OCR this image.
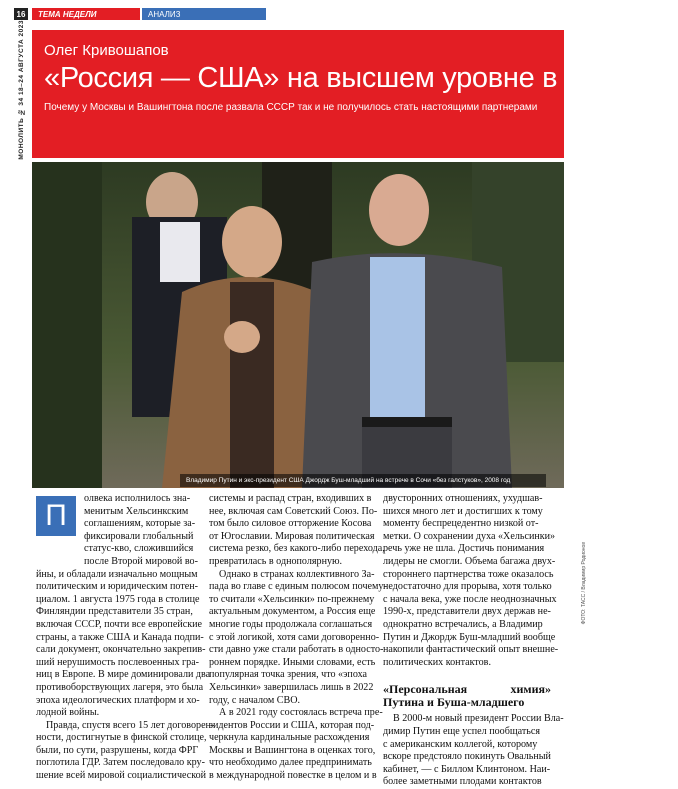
16	ТЕМА НЕДЕЛИ	АНАЛИЗ
МОНОЛИТЬ № 34 18–24 АВГУСТА 2023 Олег Кривошапов
«Россия — США» на высшем уровне в XXI веке
Почему у Москвы и Вашингтона после развала СССР так и не получилось стать настоящими партнерами
ФОТО: ТАСС / Владимир Родионов
Владимир Путин и экс-президент США Джордж Буш-младший на встрече в Сочи «без галстуков», 2008 год
П
олвека исполнилось зна-
менитым Хельсинкским
соглашениям, которые за-
фиксировали глобальный
статус-кво, сложившийся
после Второй мировой во-
йны, и обладали изначально мощным
политическим и юридическим потен-
циалом. 1 августа 1975 года в столице
Финляндии представители 35 стран,
включая СССР, почти все европейские
страны, а также США и Канада подпи-
сали документ, окончательно закрепив-
ший нерушимость послевоенных гра-
ниц в Европе. В мире доминировали два
противоборствующих лагеря, это была
эпоха идеологических платформ и хо-
лодной войны.
Правда, спустя всего 15 лет договорен-
ности, достигнутые в финской столице,
были, по сути, разрушены, когда ФРГ
поглотила ГДР. Затем последовало кру-
шение всей мировой социалистической
системы и распад стран, входивших в
нее, включая сам Советский Союз. По-
том было силовое отторжение Косова
от Югославии. Мировая политическая
система резко, без какого-либо перехода,
превратилась в однополярную.
Однако в странах коллективного За-
пада во главе с единым полюсом почему-
то считали «Хельсинки» по-прежнему
актуальным документом, а Россия еще
многие годы продолжала соглашаться
с этой логикой, хотя сами договоренно-
сти давно уже стали работать в односто-
роннем порядке. Иными словами, есть
популярная точка зрения, что «эпоха
Хельсинки» завершилась лишь в 2022
году, с началом СВО.
А в 2021 году состоялась встреча пре-
зидентов России и США, которая под-
черкнула кардинальные расхождения
Москвы и Вашингтона в оценках того,
что необходимо далее предпринимать
в международной повестке в целом и в
двусторонних отношениях, ухудшав-
шихся много лет и достигших к тому
моменту беспрецедентно низкой от-
метки. О сохранении духа «Хельсинки»
речь уже не шла. Достичь понимания
лидеры не смогли. Объема багажа двух-
стороннего партнерства тоже оказалось
недостаточно для прорыва, хотя только
с начала века, уже после неоднозначных
1990-х, представители двух держав не-
однократно встречались, а Владимир
Путин и Джордж Буш-младший вообще
накопили фантастический опыт внешне-
политических контактов.
«Персональная химия» Путина и Буша-младшего
В 2000-м новый президент России Вла-
димир Путин еще успел пообщаться
с американским коллегой, которому
вскоре предстояло покинуть Овальный
кабинет, — с Биллом Клинтоном. Наи-
более заметными плодами контактов
